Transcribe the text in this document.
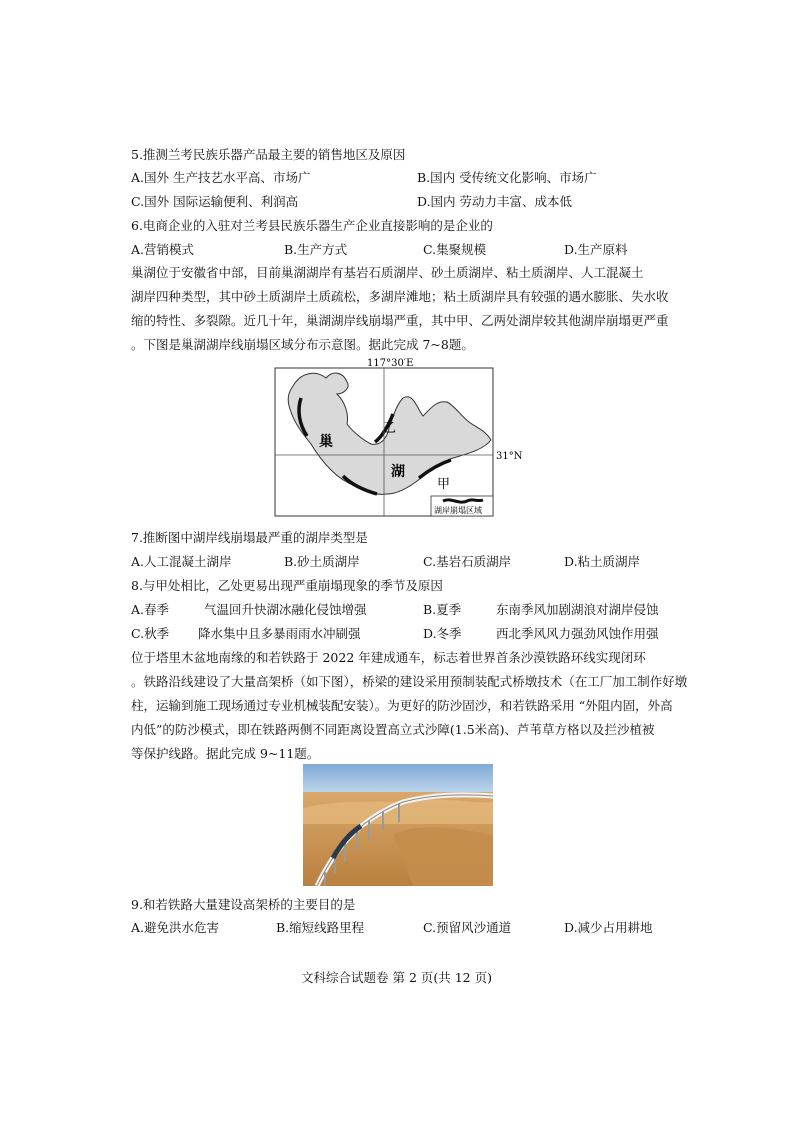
5.推测兰考民族乐器产品最主要的销售地区及原因
A.国外 生产技艺水平高、市场广	B.国内 受传统文化影响、市场广
C.国外 国际运输便利、利润高	D.国内 劳动力丰富、成本低
6.电商企业的入驻对兰考县民族乐器生产企业直接影响的是企业的
A.营销模式	B.生产方式	C.集聚规模	D.生产原料
巢湖位于安徽省中部，目前巢湖湖岸有基岩石质湖岸、砂土质湖岸、粘土质湖岸、人工混凝土
湖岸四种类型，其中砂土质湖岸土质疏松，多湖岸滩地；粘土质湖岸具有较强的遇水膨胀、失水收
缩的特性、多裂隙。近几十年，巢湖湖岸线崩塌严重，其中甲、乙两处湖岸较其他湖岸崩塌更严重
。下图是巢湖湖岸线崩塌区域分布示意图。据此完成 7~8题。
117°30′E
31°N
巢
湖
乙
甲
湖岸崩塌区域
7.推断图中湖岸线崩塌最严重的湖岸类型是
A.人工混凝土湖岸	B.砂土质湖岸	C.基岩石质湖岸	D.粘土质湖岸
8.与甲处相比，乙处更易出现严重崩塌现象的季节及原因
A.春季	气温回升快湖冰融化侵蚀增强	B.夏季	东南季风加剧湖浪对湖岸侵蚀
C.秋季 降水集中且多暴雨雨水冲刷强	D.冬季	西北季风风力强劲风蚀作用强
位于塔里木盆地南缘的和若铁路于 2022 年建成通车，标志着世界首条沙漠铁路环线实现闭环
。铁路沿线建设了大量高架桥（如下图），桥梁的建设采用预制装配式桥墩技术（在工厂加工制作好墩
柱，运输到施工现场通过专业机械装配安装）。为更好的防沙固沙，和若铁路采用 “外阻内固，外高
内低”的防沙模式，即在铁路两侧不同距离设置高立式沙障(1.5米高)、芦苇草方格以及拦沙植被
等保护线路。据此完成 9~11题。
9.和若铁路大量建设高架桥的主要目的是
A.避免洪水危害	B.缩短线路里程	C.预留风沙通道	D.减少占用耕地
文科综合试题卷 第 2 页(共 12 页)
